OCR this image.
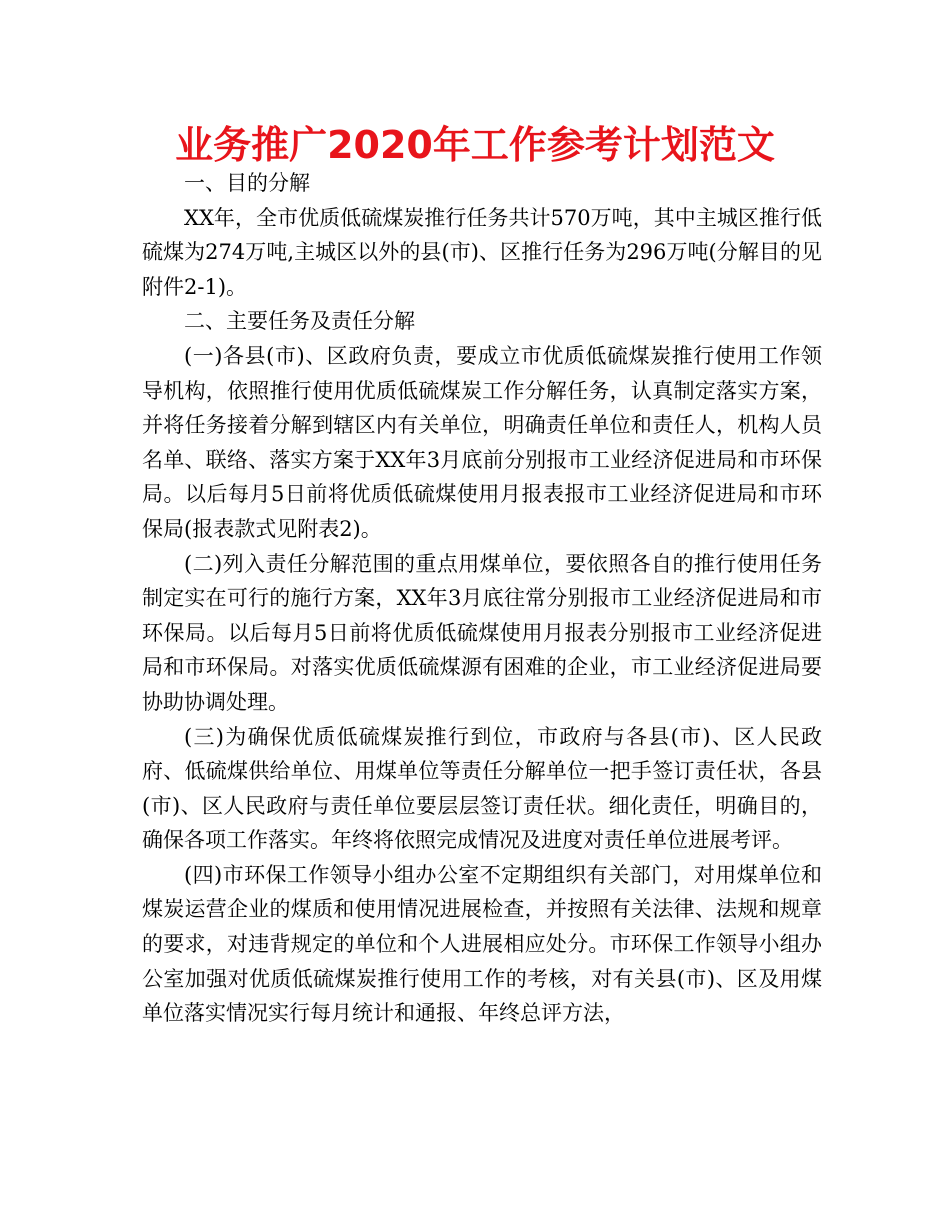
业务推广2020年工作参考计划范文

一、目的分解

XX年，全市优质低硫煤炭推行任务共计570万吨，其中主城区推行低硫煤为274万吨,主城区以外的县(市)、区推行任务为296万吨(分解目的见附件2-1)。

二、主要任务及责任分解

(一)各县(市)、区政府负责，要成立市优质低硫煤炭推行使用工作领导机构，依照推行使用优质低硫煤炭工作分解任务，认真制定落实方案，并将任务接着分解到辖区内有关单位，明确责任单位和责任人，机构人员名单、联络、落实方案于XX年3月底前分别报市工业经济促进局和市环保局。以后每月5日前将优质低硫煤使用月报表报市工业经济促进局和市环保局(报表款式见附表2)。

(二)列入责任分解范围的重点用煤单位，要依照各自的推行使用任务制定实在可行的施行方案，XX年3月底往常分别报市工业经济促进局和市环保局。以后每月5日前将优质低硫煤使用月报表分别报市工业经济促进局和市环保局。对落实优质低硫煤源有困难的企业，市工业经济促进局要协助协调处理。

(三)为确保优质低硫煤炭推行到位，市政府与各县(市)、区人民政府、低硫煤供给单位、用煤单位等责任分解单位一把手签订责任状，各县(市)、区人民政府与责任单位要层层签订责任状。细化责任，明确目的，确保各项工作落实。年终将依照完成情况及进度对责任单位进展考评。

(四)市环保工作领导小组办公室不定期组织有关部门，对用煤单位和煤炭运营企业的煤质和使用情况进展检查，并按照有关法律、法规和规章的要求，对违背规定的单位和个人进展相应处分。市环保工作领导小组办公室加强对优质低硫煤炭推行使用工作的考核，对有关县(市)、区及用煤单位落实情况实行每月统计和通报、年终总评方法，
